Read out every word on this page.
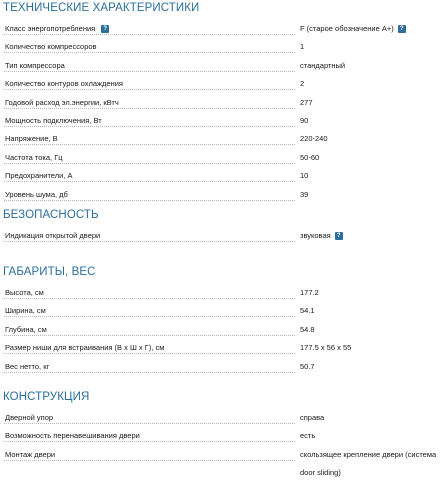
ТЕХНИЧЕСКИЕ ХАРАКТЕРИСТИКИ
Класс энергопотребления ?	F (старое обозначение A+) ?
Количество компрессоров	1
Тип компрессора	стандартный
Количество контуров охлаждения	2
Годовой расход эл.энергии, кВтч	277
Мощность подключения, Вт	90
Напряжение, В	220-240
Частота тока, Гц	50-60
Предохранители, А	10
Уровень шума, дб	39
БЕЗОПАСНОСТЬ
Индикация открытой двери	звуковая ?
ГАБАРИТЫ, ВЕС
Высота, см	177.2
Ширина, см	54.1
Глубина, см	54.8
Размер ниши для встраивания (В x Ш x Г), см	177.5 x 56 x 55
Вес нетто, кг	50.7
КОНСТРУКЦИЯ
Дверной упор	справа
Возможность перенавешивания двери	есть
Монтаж двери	скользящее крепление двери (система
door sliding)
